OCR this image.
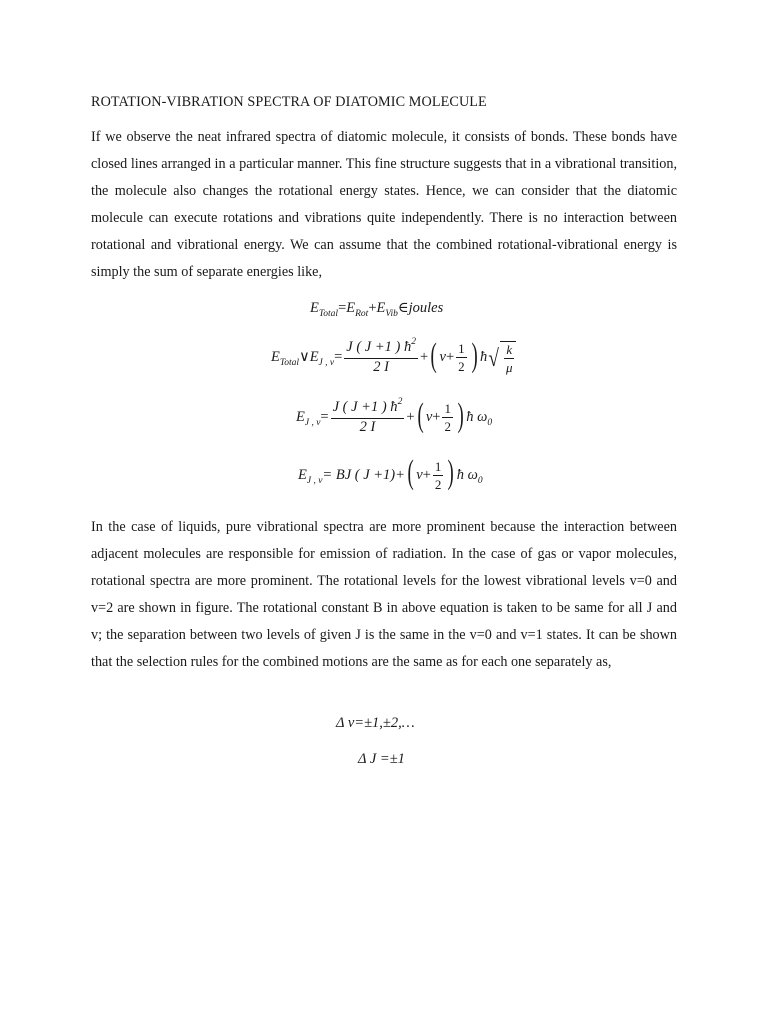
ROTATION-VIBRATION SPECTRA OF DIATOMIC MOLECULE

If we observe the neat infrared spectra of diatomic molecule, it consists of bonds. These bonds have closed lines arranged in a particular manner. This fine structure suggests that in a vibrational transition, the molecule also changes the rotational energy states. Hence, we can consider that the diatomic molecule can execute rotations and vibrations quite independently. There is no interaction between rotational and vibrational energy. We can assume that the combined rotational-vibrational energy is simply the sum of separate energies like,

$E_{Total} = E_{Rot} + E_{Vib}$ ∈ joules
$E_{Total}$ ∨ $E_{J , v} = \frac{J ( J +1 ) ħ^2}{2 I}$ + ( $v + \frac{1}{2}$ ) ħ √ $\frac{k}{\mu}$
$E_{J , v} = \frac{J ( J +1 ) ħ^2}{2 I}$ + ( $v + \frac{1}{2}$ ) ħ $\omega_0$
$E_{J , v}$ = BJ ( J +1)+ ( $v + \frac{1}{2}$ ) ħ $\omega_0$

In the case of liquids, pure vibrational spectra are more prominent because the interaction between adjacent molecules are responsible for emission of radiation. In the case of gas or vapor molecules, rotational spectra are more prominent. The rotational levels for the lowest vibrational levels v=0 and v=2 are shown in figure. The rotational constant B in above equation is taken to be same for all J and v; the separation between two levels of given J is the same in the v=0 and v=1 states. It can be shown that the selection rules for the combined motions are the same as for each one separately as,

Δ v=±1,±2,…
Δ J =±1
